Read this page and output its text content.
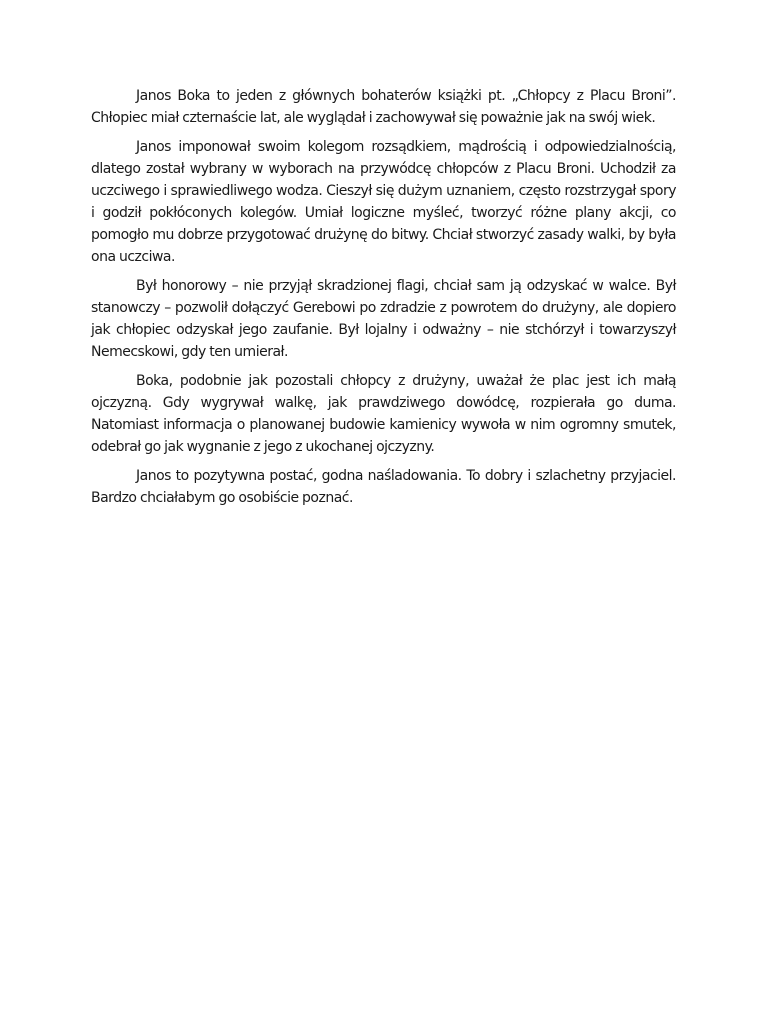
Janos Boka to jeden z głównych bohaterów książki pt. „Chłopcy z Placu Broni”. Chłopiec miał czternaście lat, ale wyglądał i zachowywał się poważnie jak na swój wiek.

Janos imponował swoim kolegom rozsądkiem, mądrością i odpowiedzialnością, dlatego został wybrany w wyborach na przywódcę chłopców z Placu Broni. Uchodził za uczciwego i sprawiedliwego wodza. Cieszył się dużym uznaniem, często rozstrzygał spory i godził pokłóconych kolegów. Umiał logiczne myśleć, tworzyć różne plany akcji, co pomogło mu dobrze przygotować drużynę do bitwy. Chciał stworzyć zasady walki, by była ona uczciwa.

Był honorowy – nie przyjął skradzionej flagi, chciał sam ją odzyskać w walce. Był stanowczy – pozwolił dołączyć Gerebowi po zdradzie z powrotem do drużyny, ale dopiero jak chłopiec odzyskał jego zaufanie. Był lojalny i odważny – nie stchórzył i towarzyszył Nemecskowi, gdy ten umierał.

Boka, podobnie jak pozostali chłopcy z drużyny, uważał że plac jest ich małą ojczyzną. Gdy wygrywał walkę, jak prawdziwego dowódcę, rozpierała go duma. Natomiast informacja o planowanej budowie kamienicy wywoła w nim ogromny smutek, odebrał go jak wygnanie z jego z ukochanej ojczyzny.

Janos to pozytywna postać, godna naśladowania. To dobry i szlachetny przyjaciel. Bardzo chciałabym go osobiście poznać.
